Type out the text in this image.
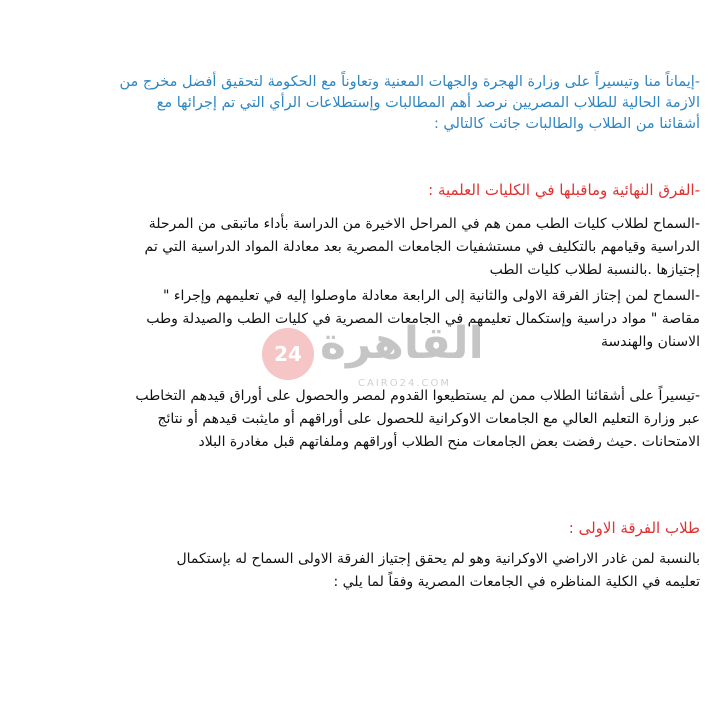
-إيماناً منا وتيسيراً على وزارة الهجرة والجهات المعنية وتعاوناً مع الحكومة لتحقيق أفضل مخرج من
الازمة الحالية للطلاب المصريين نرصد أهم المطالبات وإستطلاعات الرأي التي تم إجرائها مع
أشقائنا من الطلاب والطالبات جائت كالتالي :
-الفرق النهائية وماقبلها في الكليات العلمية :
-السماح لطلاب كليات الطب ممن هم في المراحل الاخيرة من الدراسة بأداء ماتبقى من المرحلة
الدراسية وقيامهم بالتكليف في مستشفيات الجامعات المصرية بعد معادلة المواد الدراسية التي تم
إجتيازها .بالنسبة لطلاب كليات الطب
-السماح لمن إجتاز الفرقة الاولى والثانية إلى الرابعة معادلة ماوصلوا إليه في تعليمهم وإجراء "
مقاصة " مواد دراسية وإستكمال تعليمهم في الجامعات المصرية في كليات الطب والصيدلة وطب
الاسنان والهندسة
-تيسيراً على أشقائنا الطلاب ممن لم يستطيعوا القدوم لمصر والحصول على أوراق قيدهم التخاطب
عبر وزارة التعليم العالي مع الجامعات الاوكرانية للحصول على أوراقهم أو مايثبت قيدهم أو نتائج
الامتحانات .حيث رفضت بعض الجامعات منح الطلاب أوراقهم وملفاتهم قبل مغادرة البلاد
طلاب الفرقة الاولى :
بالنسبة لمن غادر الاراضي الاوكرانية وهو لم يحقق إجتياز الفرقة الاولى السماح له بإستكمال
تعليمه في الكلية المناظره في الجامعات المصرية وفقاً لما يلي :
24 القاهرة
CAIRO24.COM
